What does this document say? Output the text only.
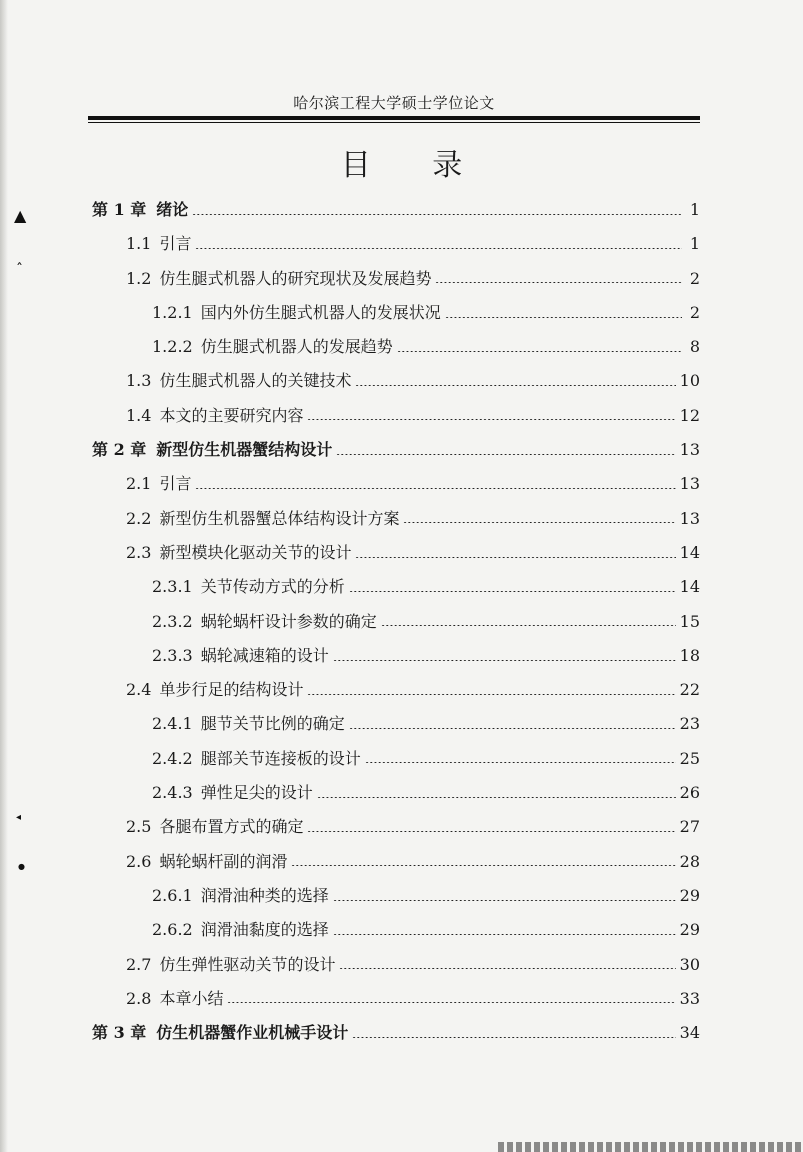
哈尔滨工程大学硕士学位论文
目 录
第 1 章 绪论	1
1.1 引言	1
1.2 仿生腿式机器人的研究现状及发展趋势	2
1.2.1 国内外仿生腿式机器人的发展状况	2
1.2.2 仿生腿式机器人的发展趋势	8
1.3 仿生腿式机器人的关键技术	10
1.4 本文的主要研究内容	12
第 2 章 新型仿生机器蟹结构设计	13
2.1 引言	13
2.2 新型仿生机器蟹总体结构设计方案	13
2.3 新型模块化驱动关节的设计	14
2.3.1 关节传动方式的分析	14
2.3.2 蜗轮蜗杆设计参数的确定	15
2.3.3 蜗轮减速箱的设计	18
2.4 单步行足的结构设计	22
2.4.1 腿节关节比例的确定	23
2.4.2 腿部关节连接板的设计	25
2.4.3 弹性足尖的设计	26
2.5 各腿布置方式的确定	27
2.6 蜗轮蜗杆副的润滑	28
2.6.1 润滑油种类的选择	29
2.6.2 润滑油黏度的选择	29
2.7 仿生弹性驱动关节的设计	30
2.8 本章小结	33
第 3 章 仿生机器蟹作业机械手设计	34
▲
ˆ
◂
●
